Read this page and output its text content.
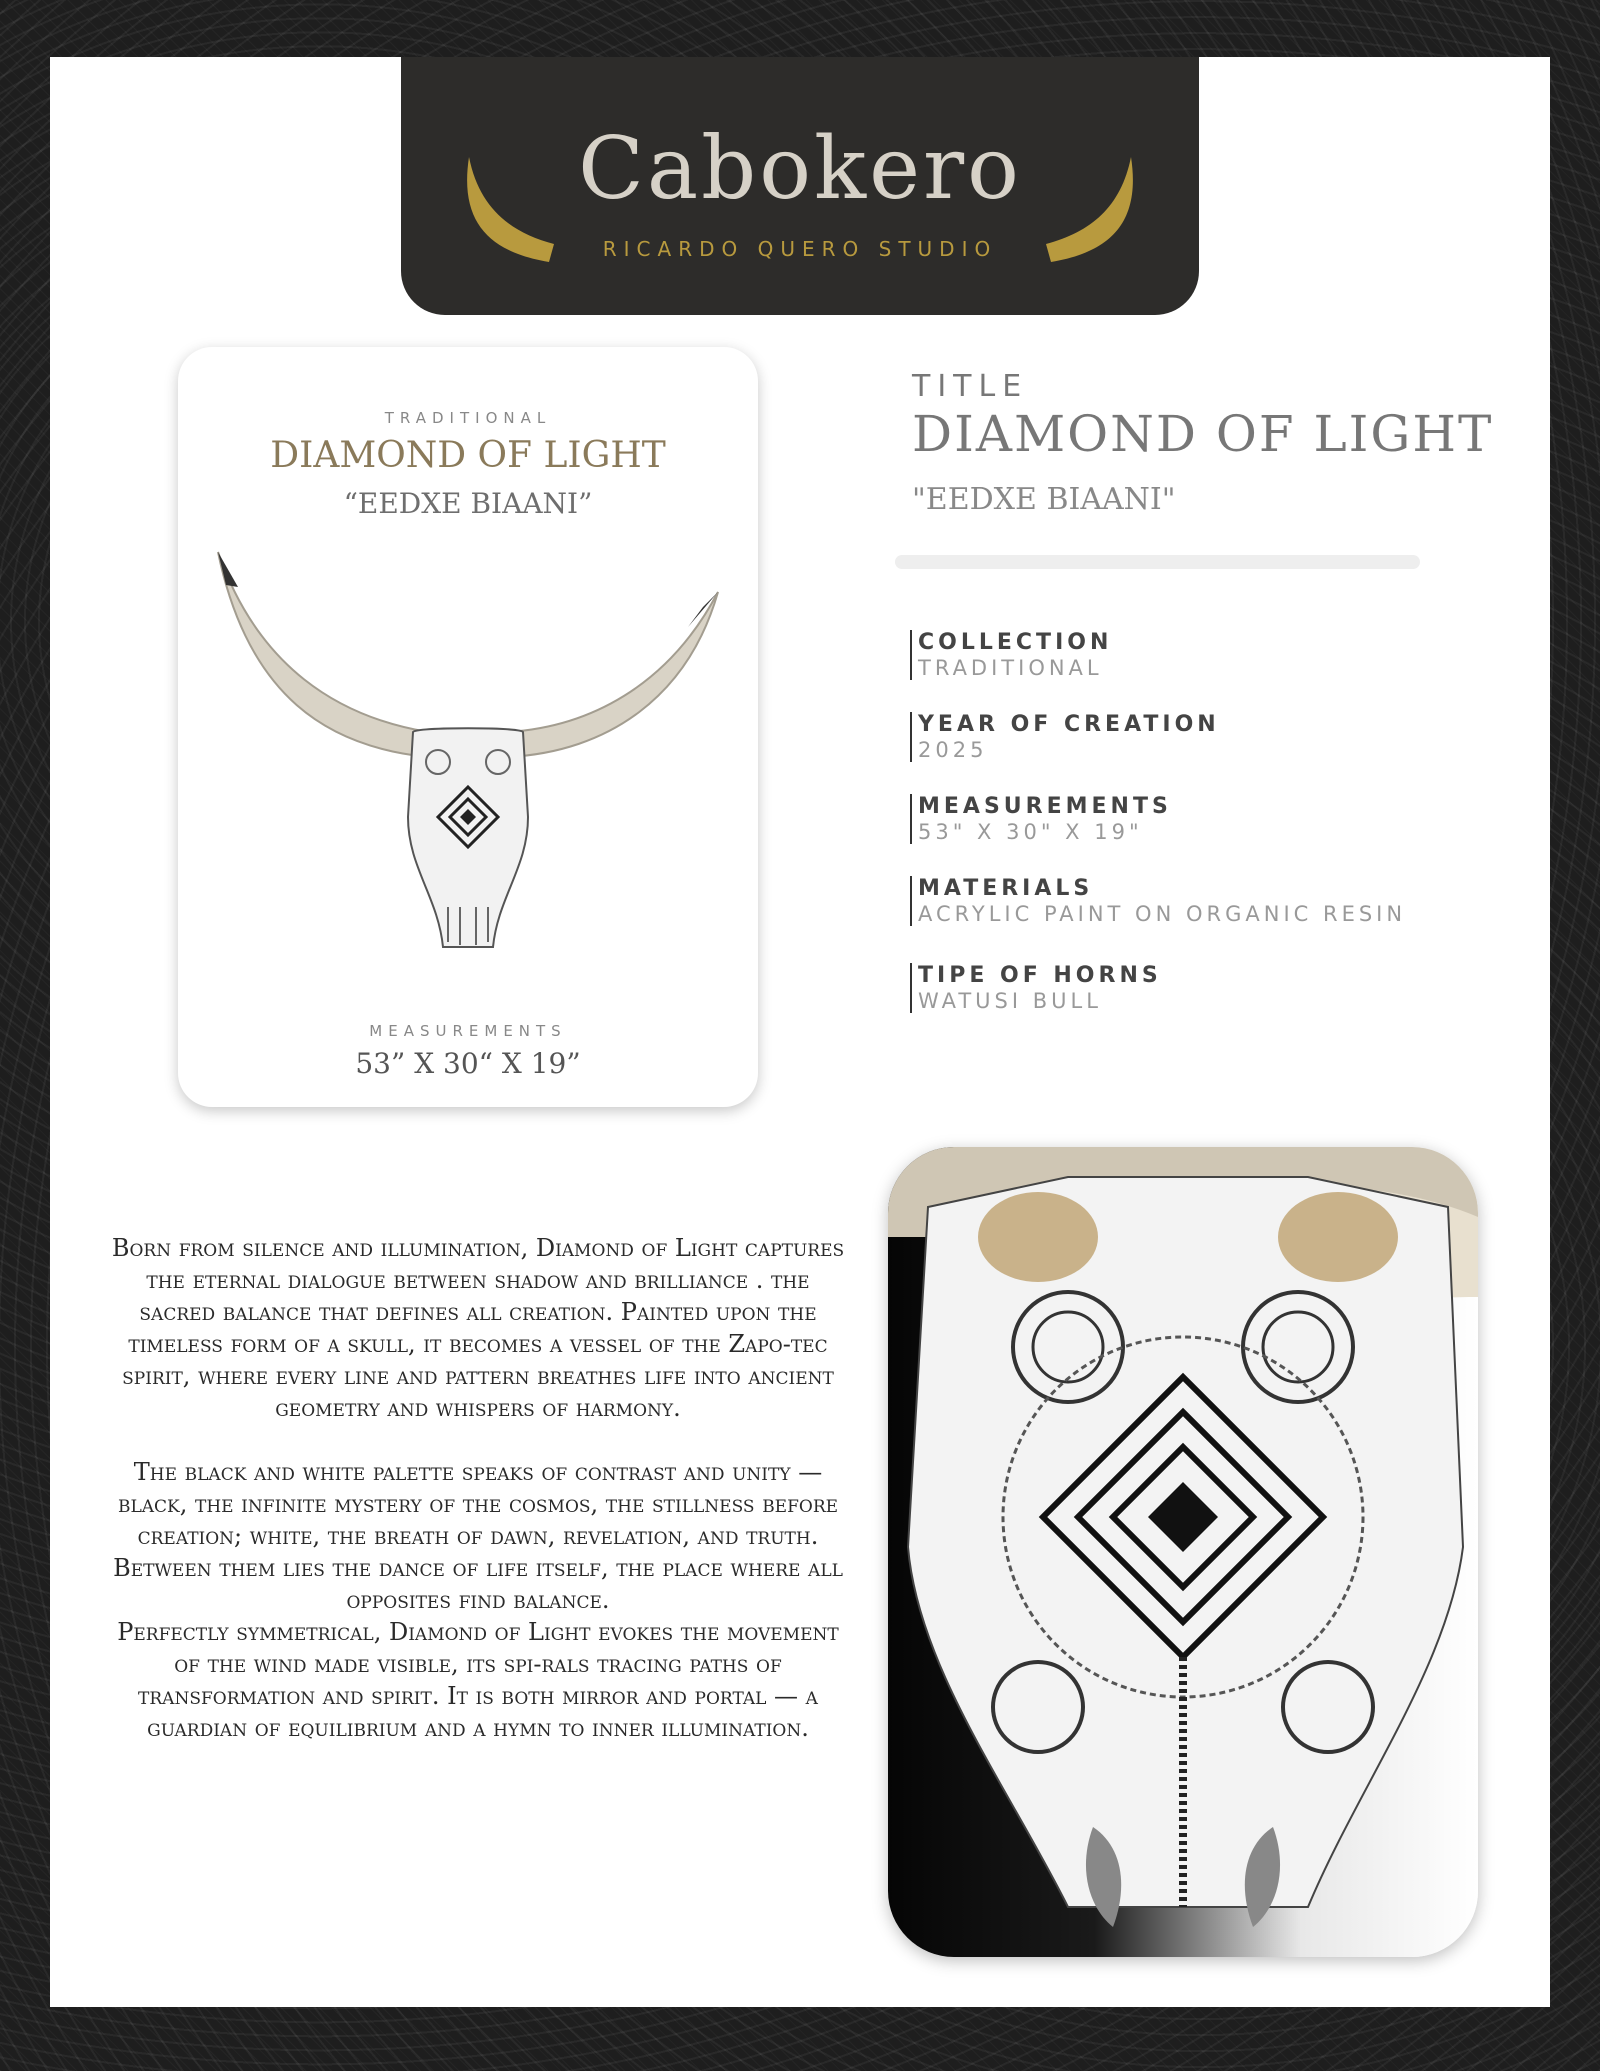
Cabokero
RICARDO QUERO STUDIO
TRADITIONAL
DIAMOND OF LIGHT
“EEDXE BIAANI”
MEASUREMENTS
53” X 30“ X 19”
TITLE
DIAMOND OF LIGHT
"EEDXE BIAANI"
COLLECTION
TRADITIONAL
YEAR OF CREATION
2025
MEASUREMENTS
53" X 30" X 19"
MATERIALS
ACRYLIC PAINT ON ORGANIC RESIN
TIPE OF HORNS
WATUSI BULL

Born from silence and illumination, Diamond of Light captures the eternal dialogue between shadow and brilliance . the sacred balance that defines all creation. Painted upon the timeless form of a skull, it becomes a vessel of the Zapo-tec spirit, where every line and pattern breathes life into ancient geometry and whispers of harmony.

The black and white palette speaks of contrast and unity — black, the infinite mystery of the cosmos, the stillness before creation; white, the breath of dawn, revelation, and truth. Between them lies the dance of life itself, the place where all opposites find balance.

Perfectly symmetrical, Diamond of Light evokes the movement of the wind made visible, its spi-rals tracing paths of transformation and spirit. It is both mirror and portal — a guardian of equilibrium and a hymn to inner illumination.
